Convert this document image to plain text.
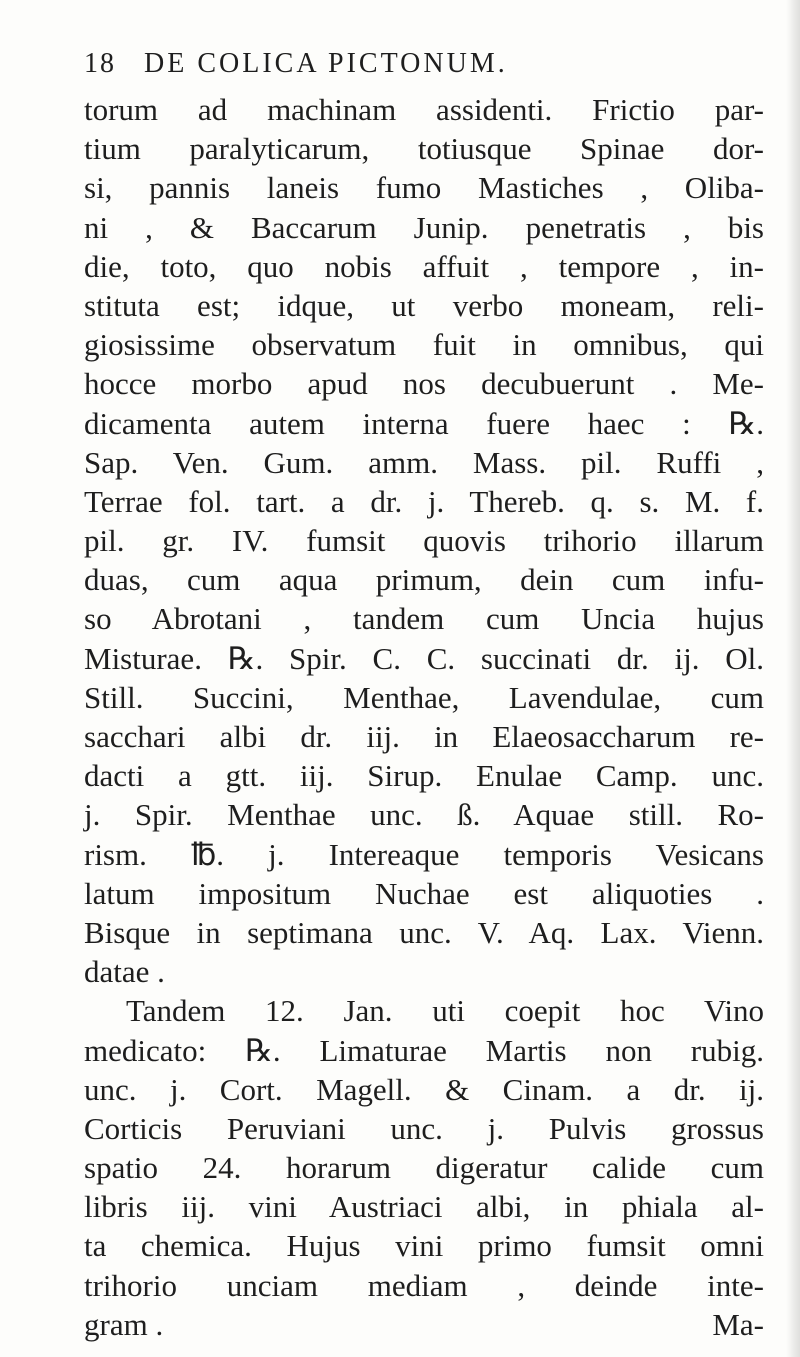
18 DE COLICA PICTONUM.
torum ad machinam assidenti. Frictio par-
tium paralyticarum, totiusque Spinae dor-
si, pannis laneis fumo Mastiches , Oliba-
ni , & Baccarum Junip. penetratis , bis
die, toto, quo nobis affuit , tempore , in-
stituta est; idque, ut verbo moneam, reli-
giosissime observatum fuit in omnibus, qui
hocce morbo apud nos decubuerunt . Me-
dicamenta autem interna fuere haec : ℞.
Sap. Ven. Gum. amm. Mass. pil. Ruffi ,
Terrae fol. tart. a dr. j. Thereb. q. s. M. f.
pil. gr. IV. fumsit quovis trihorio illarum
duas, cum aqua primum, dein cum infu-
so Abrotani , tandem cum Uncia hujus
Misturae. ℞. Spir. C. C. succinati dr. ij. Ol.
Still. Succini, Menthae, Lavendulae, cum
sacchari albi dr. iij. in Elaeosaccharum re-
dacti a gtt. iij. Sirup. Enulae Camp. unc.
j. Spir. Menthae unc. ß. Aquae still. Ro-
rism. ℔. j. Intereaque temporis Vesicans
latum impositum Nuchae est aliquoties .
Bisque in septimana unc. V. Aq. Lax. Vienn.
datae .
Tandem 12. Jan. uti coepit hoc Vino
medicato: ℞. Limaturae Martis non rubig.
unc. j. Cort. Magell. & Cinam. a dr. ij.
Corticis Peruviani unc. j. Pulvis grossus
spatio 24. horarum digeratur calide cum
libris iij. vini Austriaci albi, in phiala al-
ta chemica. Hujus vini primo fumsit omni
trihorio unciam mediam , deinde inte-
gram .	Ma-
